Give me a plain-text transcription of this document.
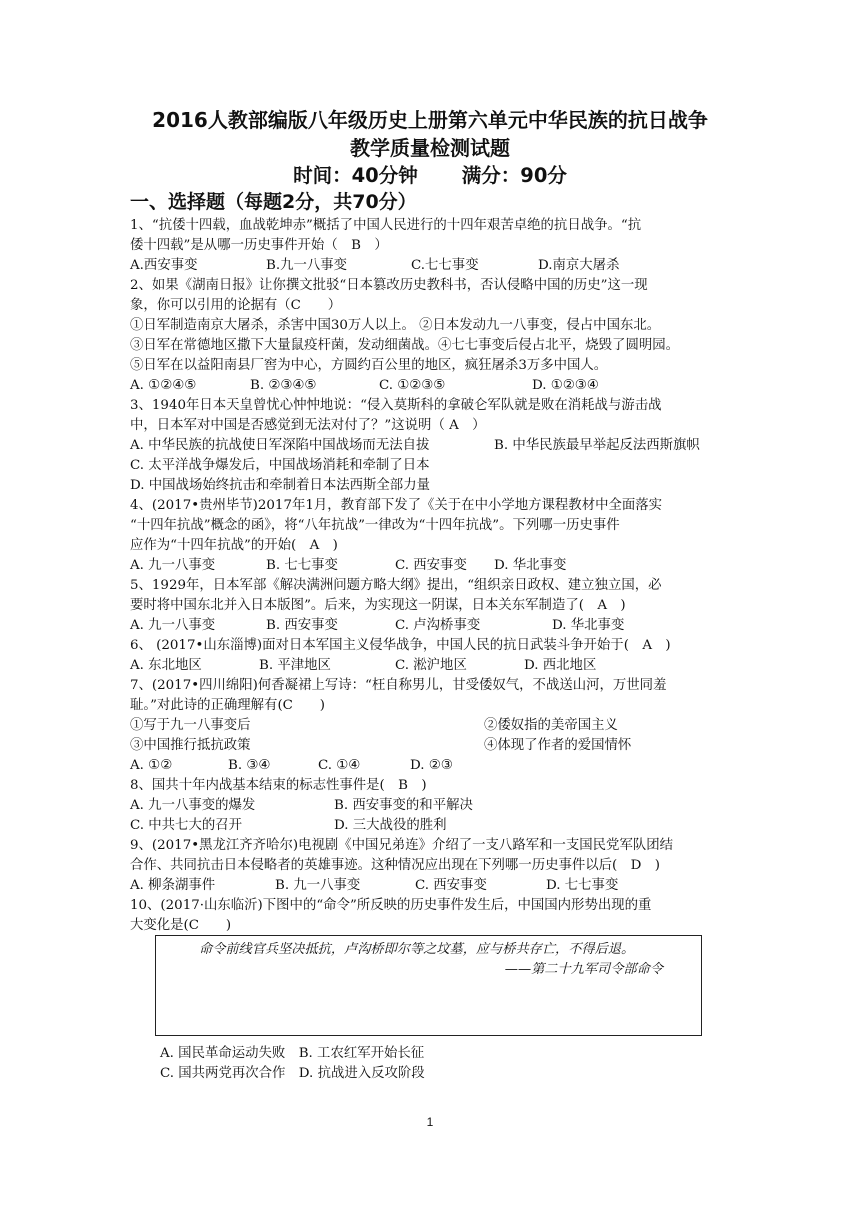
2016人教部编版八年级历史上册第六单元中华民族的抗日战争
教学质量检测试题
时间：40分钟 满分：90分
一、选择题（每题2分，共70分）
1、“抗倭十四载，血战乾坤赤”概括了中国人民进行的十四年艰苦卓绝的抗日战争。“抗
倭十四载”是从哪一历史事件开始（　B　）
A.西安事变	B.九一八事变	C.七七事变	D.南京大屠杀
2、如果《湖南日报》让你撰文批驳“日本篡改历史教科书，否认侵略中国的历史”这一现
象，你可以引用的论据有（C　　）
①日军制造南京大屠杀，杀害中国30万人以上。 ②日本发动九一八事变，侵占中国东北。
③日军在常德地区撒下大量鼠疫杆菌，发动细菌战。④七七事变后侵占北平，烧毁了圆明园。
⑤日军在以益阳南县厂窖为中心，方圆约百公里的地区，疯狂屠杀3万多中国人。
A. ①②④⑤	B. ②③④⑤	C. ①②③⑤	D. ①②③④
3、1940年日本天皇曾忧心忡忡地说：“侵入莫斯科的拿破仑军队就是败在消耗战与游击战
中，日本军对中国是否感觉到无法对付了？”这说明（ A　）
A. 中华民族的抗战使日军深陷中国战场而无法自拔	B. 中华民族最早举起反法西斯旗帜
C. 太平洋战争爆发后，中国战场消耗和牵制了日本
D. 中国战场始终抗击和牵制着日本法西斯全部力量
4、(2017•贵州毕节)2017年1月，教育部下发了《关于在中小学地方课程教材中全面落实
“十四年抗战”概念的函》，将“八年抗战”一律改为“十四年抗战”。下列哪一历史事件
应作为“十四年抗战”的开始(　A　)
A. 九一八事变	B. 七七事变	C. 西安事变 D. 华北事变
5、1929年，日本军部《解决满洲问题方略大纲》提出，“组织亲日政权、建立独立国，必
要时将中国东北并入日本版图”。后来，为实现这一阴谋，日本关东军制造了(　A　)
A. 九一八事变	B. 西安事变	C. 卢沟桥事变	D. 华北事变
6、 (2017•山东淄博)面对日本军国主义侵华战争，中国人民的抗日武装斗争开始于(　A　)
A. 东北地区	B. 平津地区	C. 淞沪地区	D. 西北地区
7、(2017•四川绵阳)何香凝裙上写诗：“枉自称男儿，甘受倭奴气，不战送山河，万世同羞
耻。”对此诗的正确理解有(C　　)
①写于九一八事变后	②倭奴指的美帝国主义
③中国推行抵抗政策	④体现了作者的爱国情怀
A. ①②	B. ③④	C. ①④	D. ②③
8、国共十年内战基本结束的标志性事件是(　B　)
A. 九一八事变的爆发	B. 西安事变的和平解决
C. 中共七大的召开	D. 三大战役的胜利
9、(2017•黑龙江齐齐哈尔)电视剧《中国兄弟连》介绍了一支八路军和一支国民党军队团结
合作、共同抗击日本侵略者的英雄事迹。这种情况应出现在下列哪一历史事件以后(　D　)
A. 柳条湖事件	B. 九一八事变	C. 西安事变	D. 七七事变
10、(2017·山东临沂)下图中的“命令”所反映的历史事件发生后，中国国内形势出现的重
大变化是(C　　)
命令前线官兵坚决抵抗，卢沟桥即尔等之坟墓，应与桥共存亡，不得后退。
——第二十九军司令部命令
A. 国民革命运动失败　B. 工农红军开始长征
C. 国共两党再次合作　D. 抗战进入反攻阶段
1
